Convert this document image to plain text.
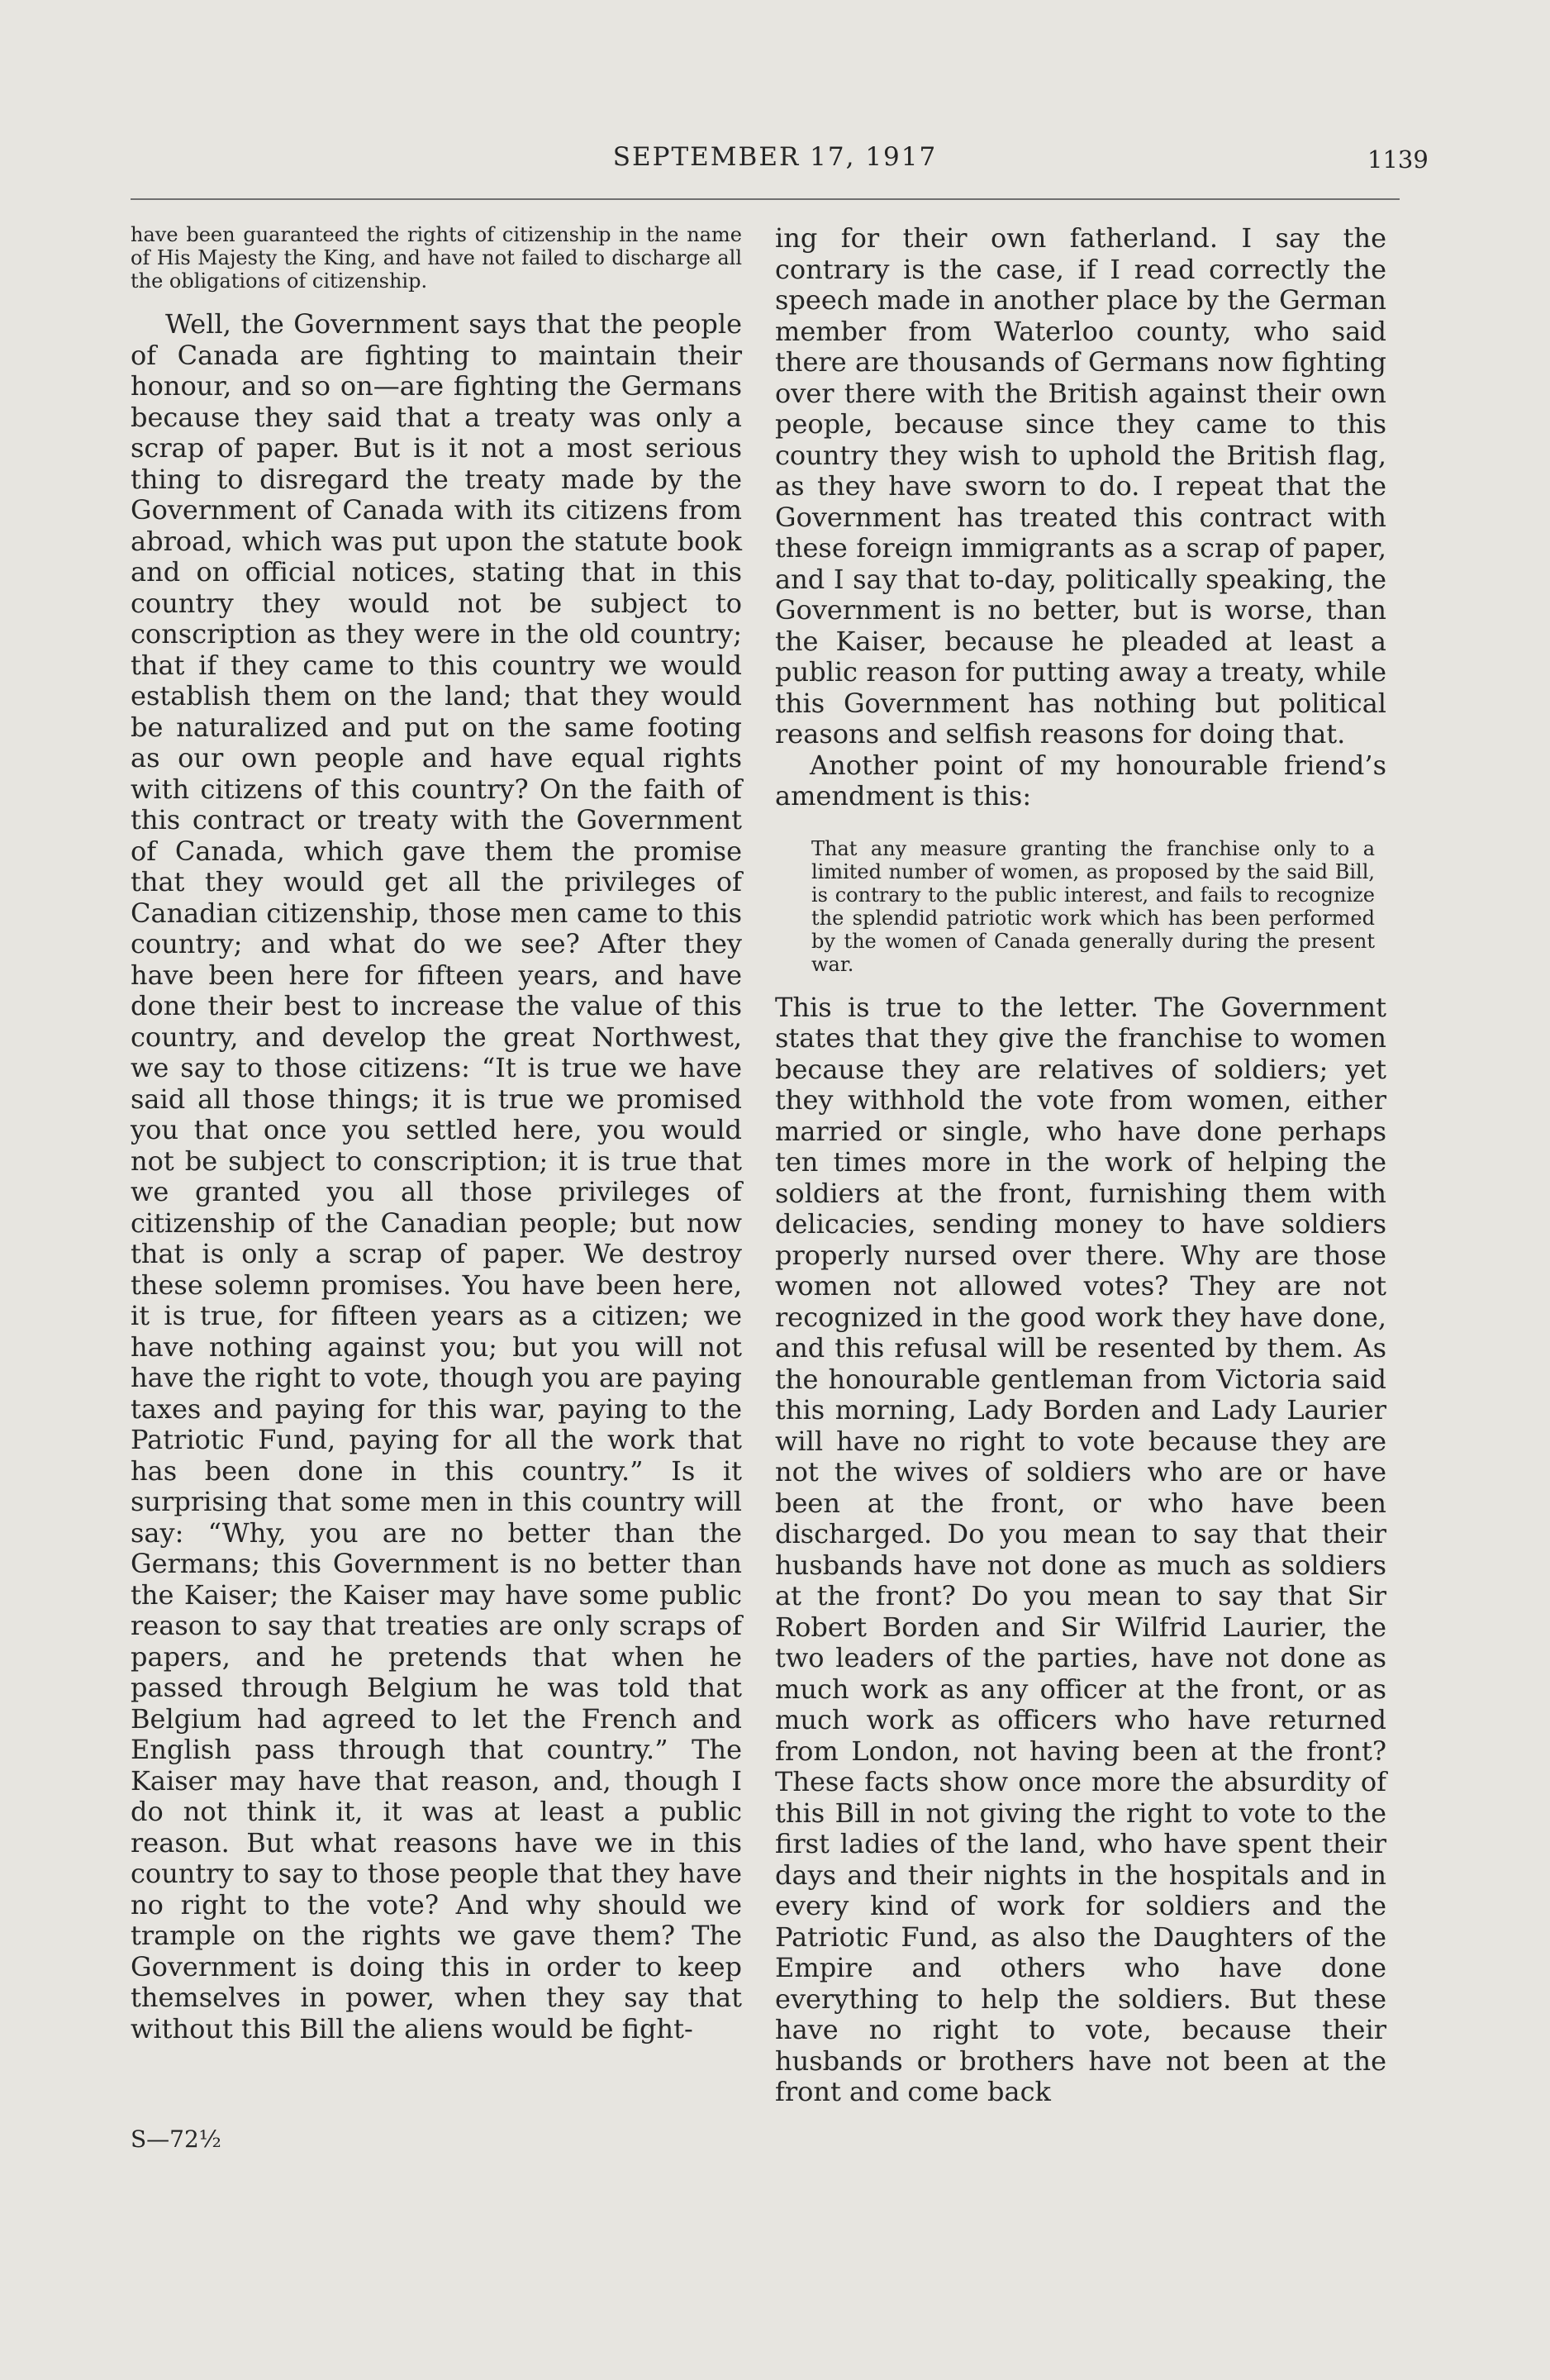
SEPTEMBER 17, 1917	1139

have been guaranteed the rights of citizenship in the name of His Majesty the King, and have not failed to discharge all the obligations of citizenship.

Well, the Government says that the people of Canada are fighting to maintain their honour, and so on—are fighting the Germans because they said that a treaty was only a scrap of paper. But is it not a most serious thing to disregard the treaty made by the Government of Canada with its citizens from abroad, which was put upon the statute book and on official notices, stating that in this country they would not be subject to conscription as they were in the old country; that if they came to this country we would establish them on the land; that they would be naturalized and put on the same footing as our own people and have equal rights with citizens of this country? On the faith of this contract or treaty with the Government of Canada, which gave them the promise that they would get all the privileges of Canadian citizenship, those men came to this country; and what do we see? After they have been here for fifteen years, and have done their best to increase the value of this country, and develop the great Northwest, we say to those citizens: “It is true we have said all those things; it is true we promised you that once you settled here, you would not be subject to conscription; it is true that we granted you all those privileges of citizenship of the Canadian people; but now that is only a scrap of paper. We destroy these solemn promises. You have been here, it is true, for fifteen years as a citizen; we have nothing against you; but you will not have the right to vote, though you are paying taxes and paying for this war, paying to the Patriotic Fund, paying for all the work that has been done in this country.” Is it surprising that some men in this country will say: “Why, you are no better than the Germans; this Government is no better than the Kaiser; the Kaiser may have some public reason to say that treaties are only scraps of papers, and he pretends that when he passed through Belgium he was told that Belgium had agreed to let the French and English pass through that country.” The Kaiser may have that reason, and, though I do not think it, it was at least a public reason. But what reasons have we in this country to say to those people that they have no right to the vote? And why should we trample on the rights we gave them? The Government is doing this in order to keep themselves in power, when they say that without this Bill the aliens would be fight-

ing for their own fatherland. I say the contrary is the case, if I read correctly the speech made in another place by the German member from Waterloo county, who said there are thousands of Germans now fighting over there with the British against their own people, because since they came to this country they wish to uphold the British flag, as they have sworn to do. I repeat that the Government has treated this contract with these foreign immigrants as a scrap of paper, and I say that to-day, politically speaking, the Government is no better, but is worse, than the Kaiser, because he pleaded at least a public reason for putting away a treaty, while this Government has nothing but political reasons and selfish reasons for doing that.

Another point of my honourable friend’s amendment is this:

That any measure granting the franchise only to a limited number of women, as proposed by the said Bill, is contrary to the public interest, and fails to recognize the splendid patriotic work which has been performed by the women of Canada generally during the present war.

This is true to the letter. The Government states that they give the franchise to women because they are relatives of soldiers; yet they withhold the vote from women, either married or single, who have done perhaps ten times more in the work of helping the soldiers at the front, furnishing them with delicacies, sending money to have soldiers properly nursed over there. Why are those women not allowed votes? They are not recognized in the good work they have done, and this refusal will be resented by them. As the honourable gentleman from Victoria said this morning, Lady Borden and Lady Laurier will have no right to vote because they are not the wives of soldiers who are or have been at the front, or who have been discharged. Do you mean to say that their husbands have not done as much as soldiers at the front? Do you mean to say that Sir Robert Borden and Sir Wilfrid Laurier, the two leaders of the parties, have not done as much work as any officer at the front, or as much work as officers who have returned from London, not having been at the front? These facts show once more the absurdity of this Bill in not giving the right to vote to the first ladies of the land, who have spent their days and their nights in the hospitals and in every kind of work for soldiers and the Patriotic Fund, as also the Daughters of the Empire and others who have done everything to help the soldiers. But these have no right to vote, because their husbands or brothers have not been at the front and come back

S—72½
